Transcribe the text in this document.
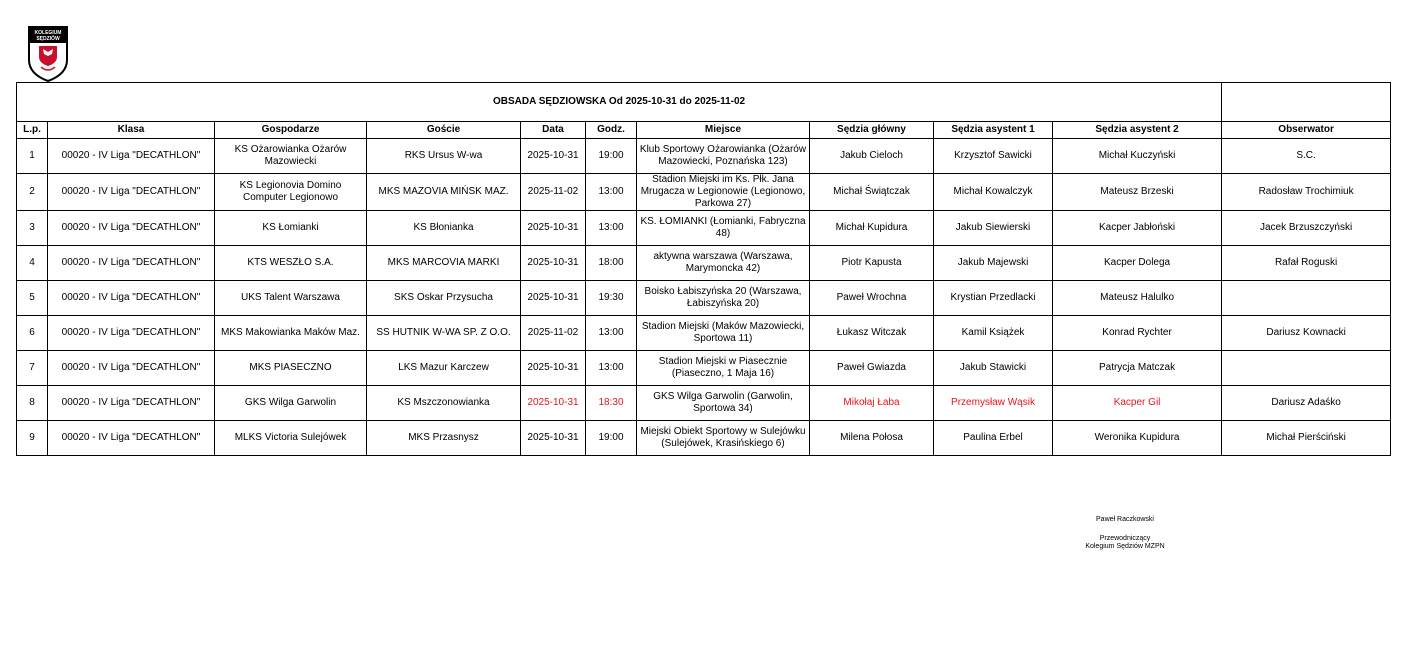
KOLEGIUM
SĘDZIÓW
OBSADA SĘDZIOWSKA Od 2025-10-31 do 2025-11-02										
L.p.	Klasa	Gospodarze	Goście	Data	Godz.	Miejsce	Sędzia główny	Sędzia asystent 1	Sędzia asystent 2	Obserwator
1	00020 - IV Liga "DECATHLON"	KS Ożarowianka Ożarów Mazowiecki	RKS Ursus W-wa	2025-10-31	19:00	Klub Sportowy Ożarowianka (Ożarów Mazowiecki, Poznańska 123)	Jakub Cieloch	Krzysztof Sawicki	Michał Kuczyński	S.C.
2	00020 - IV Liga "DECATHLON"	KS Legionovia Domino Computer Legionowo	MKS MAZOVIA MIŃSK MAZ.	2025-11-02	13:00	Stadion Miejski im Ks. Płk. Jana Mrugacza w Legionowie (Legionowo, Parkowa 27)	Michał Świątczak	Michał Kowalczyk	Mateusz Brzeski	Radosław Trochimiuk
3	00020 - IV Liga "DECATHLON"	KS Łomianki	KS Błonianka	2025-10-31	13:00	KS. ŁOMIANKI (Łomianki, Fabryczna 48)	Michał Kupidura	Jakub Siewierski	Kacper Jabłoński	Jacek Brzuszczyński
4	00020 - IV Liga "DECATHLON"	KTS WESZŁO S.A.	MKS MARCOVIA MARKI	2025-10-31	18:00	aktywna warszawa (Warszawa, Marymoncka 42)	Piotr Kapusta	Jakub Majewski	Kacper Dolega	Rafał Roguski
5	00020 - IV Liga "DECATHLON"	UKS Talent Warszawa	SKS Oskar Przysucha	2025-10-31	19:30	Boisko Łabiszyńska 20 (Warszawa, Łabiszyńska 20)	Paweł Wrochna	Krystian Przedlacki	Mateusz Halulko	
6	00020 - IV Liga "DECATHLON"	MKS Makowianka Maków Maz.	SS HUTNIK W-WA SP. Z O.O.	2025-11-02	13:00	Stadion Miejski (Maków Mazowiecki, Sportowa 11)	Łukasz Witczak	Kamil Książek	Konrad Rychter	Dariusz Kownacki
7	00020 - IV Liga "DECATHLON"	MKS PIASECZNO	LKS Mazur Karczew	2025-10-31	13:00	Stadion Miejski w Piasecznie (Piaseczno, 1 Maja 16)	Paweł Gwiazda	Jakub Stawicki	Patrycja Matczak	
8	00020 - IV Liga "DECATHLON"	GKS Wilga Garwolin	KS Mszczonowianka	2025-10-31	18:30	GKS Wilga Garwolin (Garwolin, Sportowa 34)	Mikołaj Łaba	Przemysław Wąsik	Kacper Gil	Dariusz Adaśko
9	00020 - IV Liga "DECATHLON"	MLKS Victoria Sulejówek	MKS Przasnysz	2025-10-31	19:00	Miejski Obiekt Sportowy w Sulejówku (Sulejówek, Krasińskiego 6)	Milena Połosa	Paulina Erbel	Weronika Kupidura	Michał Pierściński
Paweł Raczkowski
Przewodniczący
Kolegium Sędziów MZPN
